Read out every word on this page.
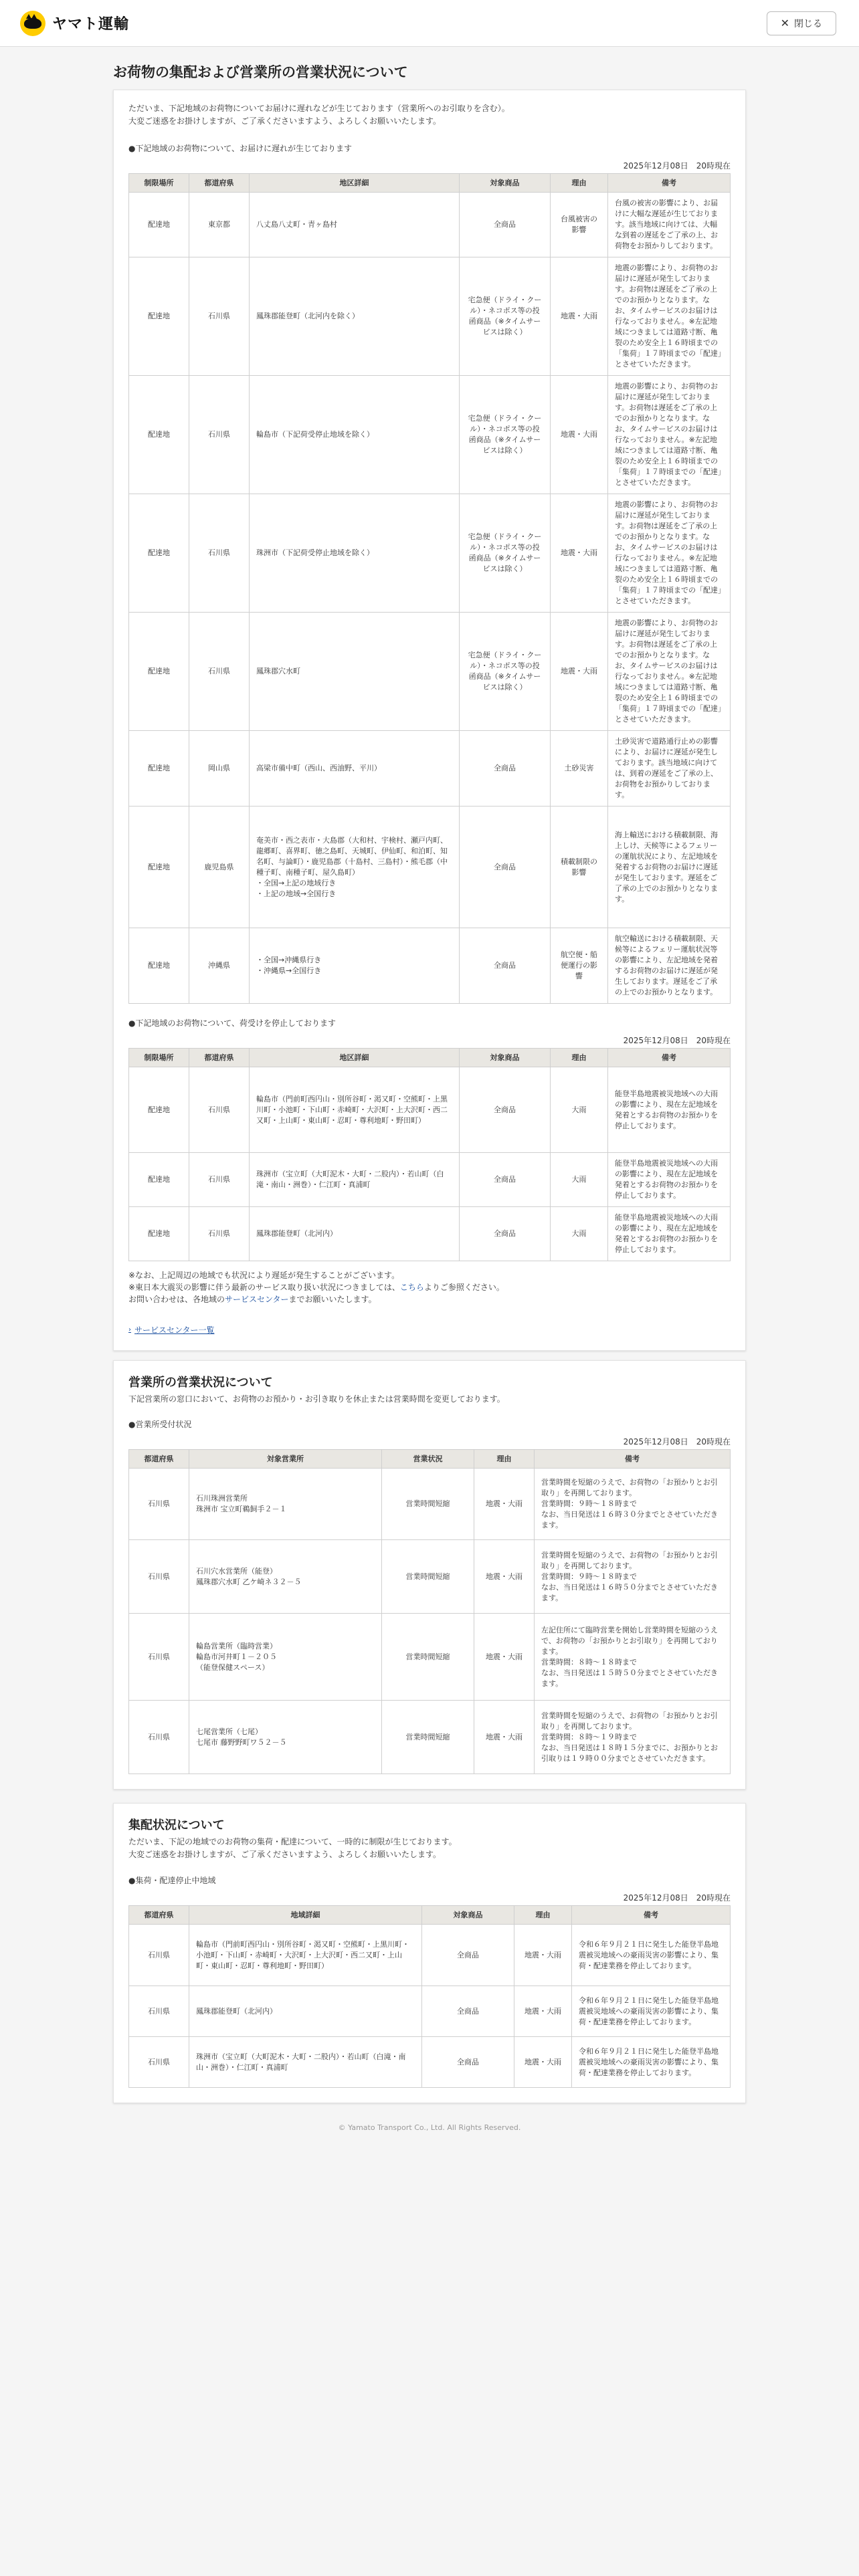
ヤマト運輸	✕ 閉じる
お荷物の集配および営業所の営業状況について

ただいま、下記地域のお荷物についてお届けに遅れなどが生じております（営業所へのお引取りを含む）。

大変ご迷惑をお掛けしますが、ご了承くださいますよう、よろしくお願いいたします。

●下記地域のお荷物について、お届けに遅れが生じております
2025年12月08日　20時現在
制限場所	都道府県	地区詳細	対象商品	理由	備考
配達地	東京都	八丈島八丈町・青ヶ島村	全商品	台風被害の影響	台風の被害の影響により、お届けに大幅な遅延が生じております。該当地域に向けては、大幅な到着の遅延をご了承の上、お荷物をお預かりしております。
配達地	石川県	鳳珠郡能登町（北河内を除く）	宅急便（ドライ・クール）・ネコポス等の投函商品（※タイムサービスは除く）	地震・大雨	地震の影響により、お荷物のお届けに遅延が発生しております。お荷物は遅延をご了承の上でのお預かりとなります。なお、タイムサービスのお届けは行なっておりません。※左記地域につきましては道路寸断、亀裂のため安全上１６時頃までの「集荷」１７時頃までの「配達」とさせていただきます。
配達地	石川県	輪島市（下記荷受停止地域を除く）	宅急便（ドライ・クール）・ネコポス等の投函商品（※タイムサービスは除く）	地震・大雨	地震の影響により、お荷物のお届けに遅延が発生しております。お荷物は遅延をご了承の上でのお預かりとなります。なお、タイムサービスのお届けは行なっておりません。※左記地域につきましては道路寸断、亀裂のため安全上１６時頃までの「集荷」１７時頃までの「配達」とさせていただきます。
配達地	石川県	珠洲市（下記荷受停止地域を除く）	宅急便（ドライ・クール）・ネコポス等の投函商品（※タイムサービスは除く）	地震・大雨	地震の影響により、お荷物のお届けに遅延が発生しております。お荷物は遅延をご了承の上でのお預かりとなります。なお、タイムサービスのお届けは行なっておりません。※左記地域につきましては道路寸断、亀裂のため安全上１６時頃までの「集荷」１７時頃までの「配達」とさせていただきます。
配達地	石川県	鳳珠郡穴水町	宅急便（ドライ・クール）・ネコポス等の投函商品（※タイムサービスは除く）	地震・大雨	地震の影響により、お荷物のお届けに遅延が発生しております。お荷物は遅延をご了承の上でのお預かりとなります。なお、タイムサービスのお届けは行なっておりません。※左記地域につきましては道路寸断、亀裂のため安全上１６時頃までの「集荷」１７時頃までの「配達」とさせていただきます。
配達地	岡山県	高梁市備中町（西山、西油野、平川）	全商品	土砂災害	土砂災害で道路通行止めの影響により、お届けに遅延が発生しております。該当地域に向けては、到着の遅延をご了承の上、お荷物をお預かりしております。
配達地	鹿児島県	奄美市・西之表市・大島郡（大和村、宇検村、瀬戸内町、龍郷町、喜界町、徳之島町、天城町、伊仙町、和泊町、知名町、与論町）・鹿児島郡（十島村、三島村）・熊毛郡（中種子町、南種子町、屋久島町）
・全国→上記の地域行き
・上記の地域→全国行き	全商品	積載制限の影響	海上輸送における積載制限、海上しけ、天候等によるフェリーの運航状況により、左記地域を発着するお荷物のお届けに遅延が発生しております。遅延をご了承の上でのお預かりとなります。
配達地	沖縄県	・全国→沖縄県行き
・沖縄県→全国行き	全商品	航空便・船便運行の影響	航空輸送における積載制限、天候等によるフェリー運航状況等の影響により、左記地域を発着するお荷物のお届けに遅延が発生しております。遅延をご了承の上でのお預かりとなります。
●下記地域のお荷物について、荷受けを停止しております
2025年12月08日　20時現在
制限場所	都道府県	地区詳細	対象商品	理由	備考
配達地	石川県	輪島市（門前町西円山・別所谷町・渇又町・空熊町・上黒川町・小池町・下山町・赤崎町・大沢町・上大沢町・西二又町・上山町・東山町・忍町・尊利地町・野田町）	全商品	大雨	能登半島地震被災地域への大雨の影響により、現在左記地域を発着とするお荷物のお預かりを停止しております。
配達地	石川県	珠洲市（宝立町（大町泥木・大町・二股内）・若山町（白滝・南山・洲巻）・仁江町・真浦町	全商品	大雨	能登半島地震被災地域への大雨の影響により、現在左記地域を発着とするお荷物のお預かりを停止しております。
配達地	石川県	鳳珠郡能登町（北河内）	全商品	大雨	能登半島地震被災地域への大雨の影響により、現在左記地域を発着とするお荷物のお預かりを停止しております。
※なお、上記周辺の地域でも状況により遅延が発生することがございます。
※東日本大震災の影響に伴う最新のサービス取り扱い状況につきましては、こちらよりご参照ください。
お問い合わせは、各地域のサービスセンターまでお願いいたします。
› サービスセンター一覧
営業所の営業状況について

下記営業所の窓口において、お荷物のお預かり・お引き取りを休止または営業時間を変更しております。

●営業所受付状況
2025年12月08日　20時現在
都道府県	対象営業所	営業状況	理由	備考
石川県	石川珠洲営業所
珠洲市 宝立町鵜飼手２－１	営業時間短縮	地震・大雨	営業時間を短縮のうえで、お荷物の「お預かりとお引取り」を再開しております。
営業時間：９時～１８時まで
なお、当日発送は１６時３０分までとさせていただきます。
石川県	石川穴水営業所（能登）
鳳珠郡穴水町 乙ケ崎ネ３２－５	営業時間短縮	地震・大雨	営業時間を短縮のうえで、お荷物の「お預かりとお引取り」を再開しております。
営業時間：９時～１８時まで
なお、当日発送は１６時５０分までとさせていただきます。
石川県	輪島営業所（臨時営業）
輪島市河井町１－２０５
（能登保健スペース）	営業時間短縮	地震・大雨	左記住所にて臨時営業を開始し営業時間を短縮のうえで、お荷物の「お預かりとお引取り」を再開しております。
営業時間：８時～１８時まで
なお、当日発送は１５時５０分までとさせていただきます。
石川県	七尾営業所（七尾）
七尾市 藤野野町ワ５２－５	営業時間短縮	地震・大雨	営業時間を短縮のうえで、お荷物の「お預かりとお引取り」を再開しております。
営業時間：８時～１９時まで
なお、当日発送は１８時１５分までに、お預かりとお引取りは１９時００分までとさせていただきます。
集配状況について

ただいま、下記の地域でのお荷物の集荷・配達について、一時的に制限が生じております。

大変ご迷惑をお掛けしますが、ご了承くださいますよう、よろしくお願いいたします。

●集荷・配達停止中地域
2025年12月08日　20時現在
都道府県	地域詳細	対象商品	理由	備考
石川県	輪島市（門前町西円山・別所谷町・渇又町・空熊町・上黒川町・小池町・下山町・赤崎町・大沢町・上大沢町・西二又町・上山町・東山町・忍町・尊利地町・野田町）	全商品	地震・大雨	令和６年９月２１日に発生した能登半島地震被災地域への豪雨災害の影響により、集荷・配達業務を停止しております。
石川県	鳳珠郡能登町（北河内）	全商品	地震・大雨	令和６年９月２１日に発生した能登半島地震被災地域への豪雨災害の影響により、集荷・配達業務を停止しております。
石川県	珠洲市（宝立町（大町泥木・大町・二股内）・若山町（白滝・南山・洲巻）・仁江町・真浦町	全商品	地震・大雨	令和６年９月２１日に発生した能登半島地震被災地域への豪雨災害の影響により、集荷・配達業務を停止しております。
© Yamato Transport Co., Ltd. All Rights Reserved.
